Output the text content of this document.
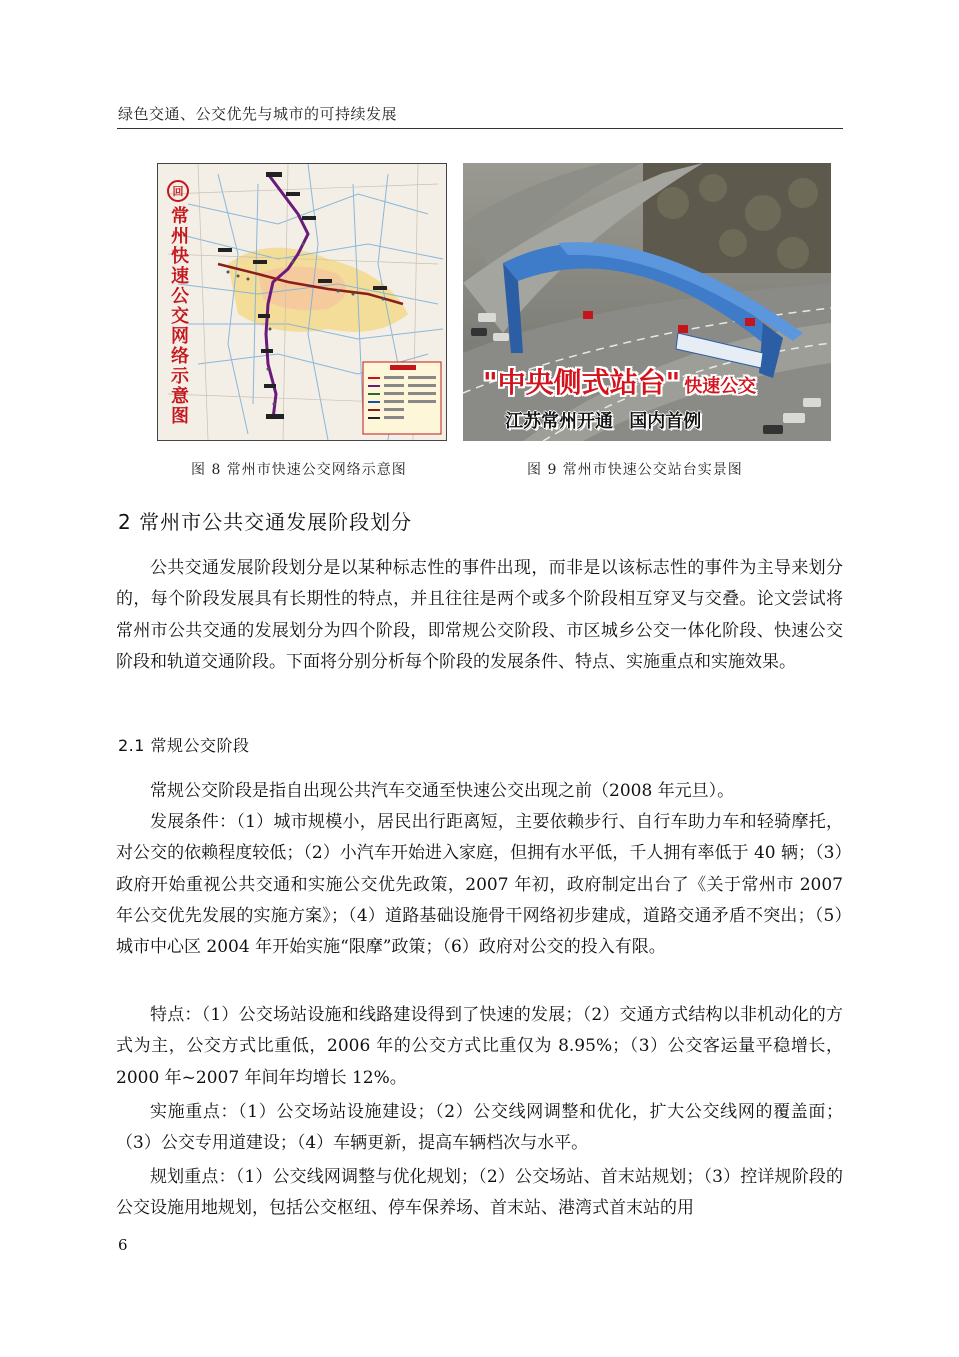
绿色交通、公交优先与城市的可持续发展
回
常州快速公交网络示意图	"中央侧式站台" 快速公交
江苏常州开通 国内首例
图 8 常州市快速公交网络示意图	图 9 常州市快速公交站台实景图
2 常州市公共交通发展阶段划分

公共交通发展阶段划分是以某种标志性的事件出现，而非是以该标志性的事件为主导来划分的，每个阶段发展具有长期性的特点，并且往往是两个或多个阶段相互穿叉与交叠。论文尝试将常州市公共交通的发展划分为四个阶段，即常规公交阶段、市区城乡公交一体化阶段、快速公交阶段和轨道交通阶段。下面将分别分析每个阶段的发展条件、特点、实施重点和实施效果。

2.1 常规公交阶段

常规公交阶段是指自出现公共汽车交通至快速公交出现之前（2008 年元旦）。

发展条件：（1）城市规模小，居民出行距离短，主要依赖步行、自行车助力车和轻骑摩托，对公交的依赖程度较低；（2）小汽车开始进入家庭，但拥有水平低，千人拥有率低于 40 辆；（3）政府开始重视公共交通和实施公交优先政策，2007 年初，政府制定出台了《关于常州市 2007 年公交优先发展的实施方案》；（4）道路基础设施骨干网络初步建成，道路交通矛盾不突出；（5）城市中心区 2004 年开始实施“限摩”政策；（6）政府对公交的投入有限。

特点：（1）公交场站设施和线路建设得到了快速的发展；（2）交通方式结构以非机动化的方式为主，公交方式比重低，2006 年的公交方式比重仅为 8.95%；（3）公交客运量平稳增长， 2000 年~2007 年间年均增长 12%。

实施重点：（1）公交场站设施建设；（2）公交线网调整和优化，扩大公交线网的覆盖面；（3）公交专用道建设；（4）车辆更新，提高车辆档次与水平。

规划重点：（1）公交线网调整与优化规划；（2）公交场站、首末站规划；（3）控详规阶段的公交设施用地规划，包括公交枢纽、停车保养场、首末站、港湾式首末站的用

6
